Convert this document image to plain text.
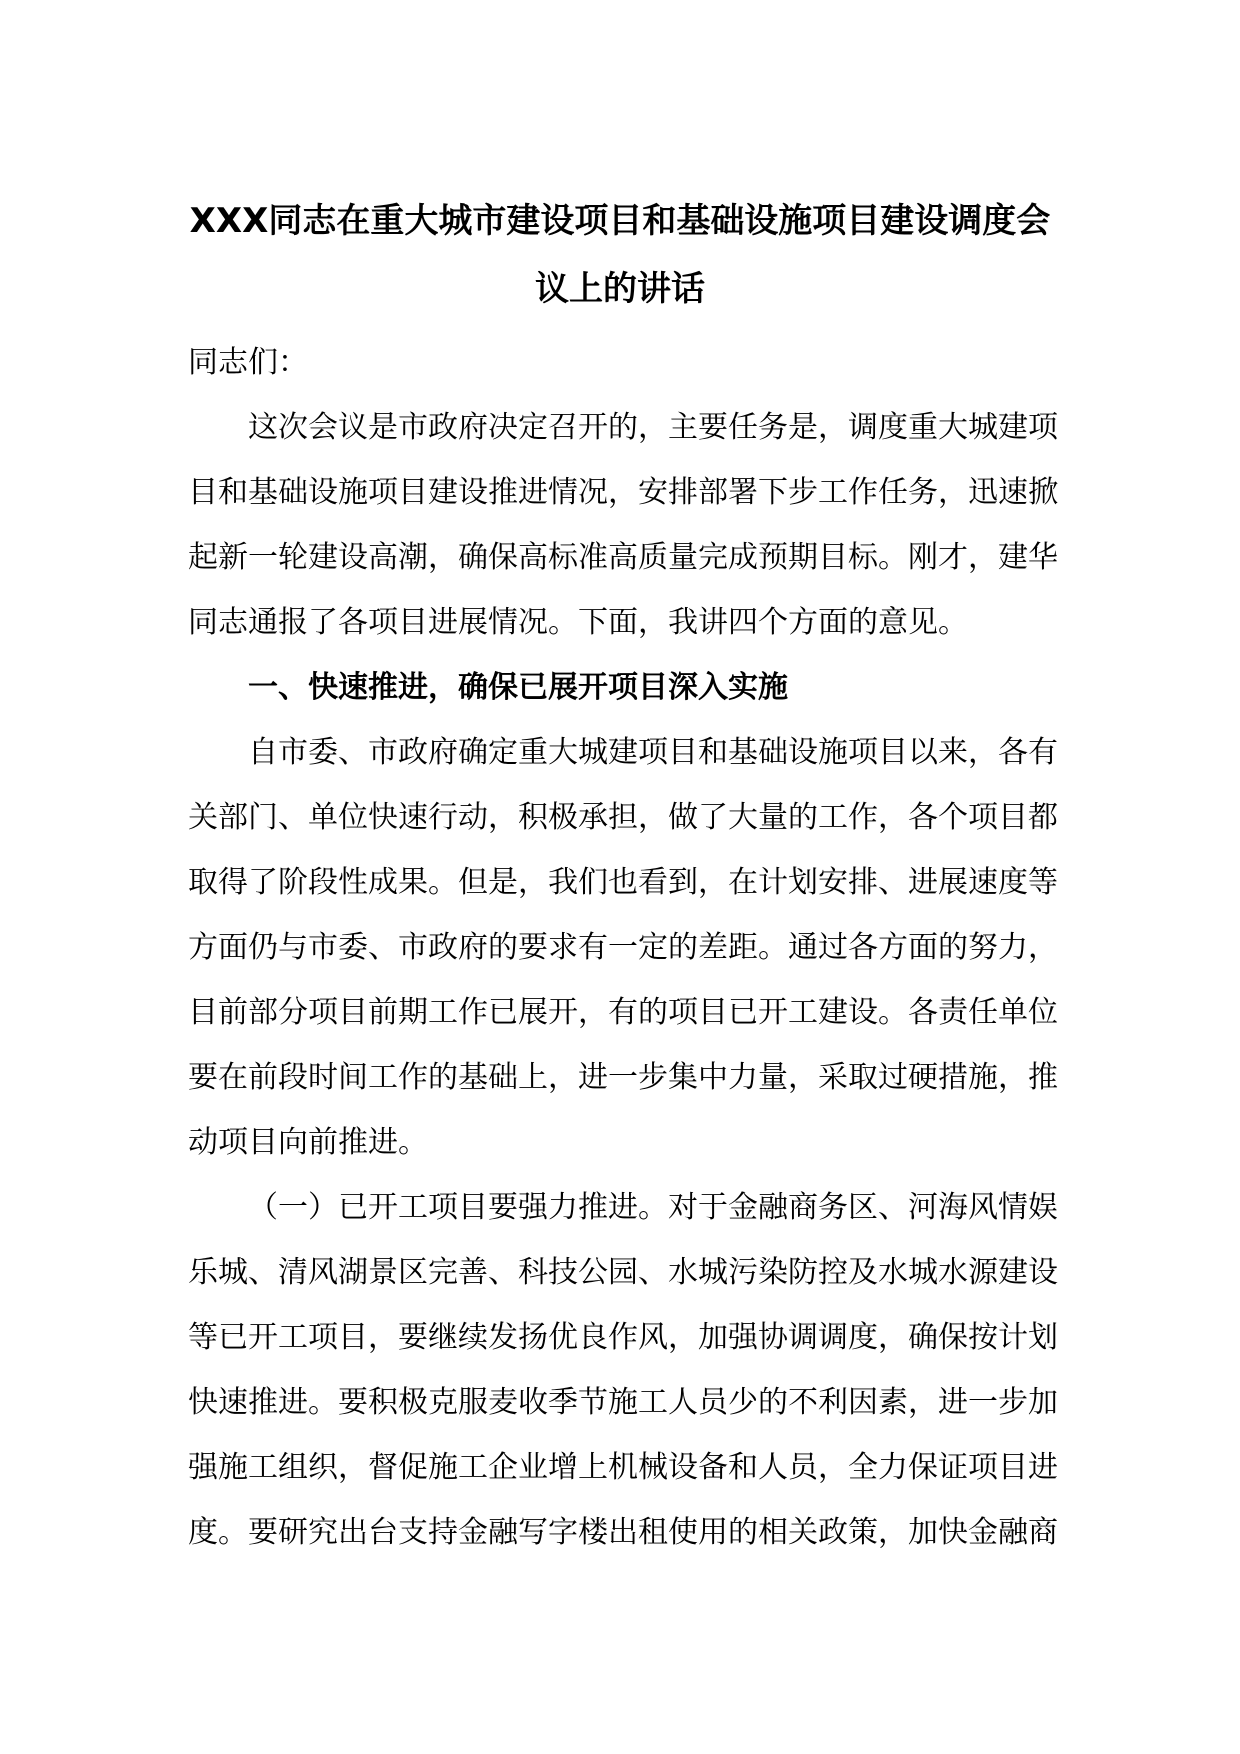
XXX同志在重大城市建设项目和基础设施项目建设调度会
议上的讲话
同志们：
这次会议是市政府决定召开的，主要任务是，调度重大城建项
目和基础设施项目建设推进情况，安排部署下步工作任务，迅速掀
起新一轮建设高潮，确保高标准高质量完成预期目标。刚才，建华
同志通报了各项目进展情况。下面，我讲四个方面的意见。
一、快速推进，确保已展开项目深入实施
自市委、市政府确定重大城建项目和基础设施项目以来，各有
关部门、单位快速行动，积极承担，做了大量的工作，各个项目都
取得了阶段性成果。但是，我们也看到，在计划安排、进展速度等
方面仍与市委、市政府的要求有一定的差距。通过各方面的努力，
目前部分项目前期工作已展开，有的项目已开工建设。各责任单位
要在前段时间工作的基础上，进一步集中力量，采取过硬措施，推
动项目向前推进。
（一）已开工项目要强力推进。对于金融商务区、河海风情娱
乐城、清风湖景区完善、科技公园、水城污染防控及水城水源建设
等已开工项目，要继续发扬优良作风，加强协调调度，确保按计划
快速推进。要积极克服麦收季节施工人员少的不利因素，进一步加
强施工组织，督促施工企业增上机械设备和人员，全力保证项目进
度。要研究出台支持金融写字楼出租使用的相关政策，加快金融商
